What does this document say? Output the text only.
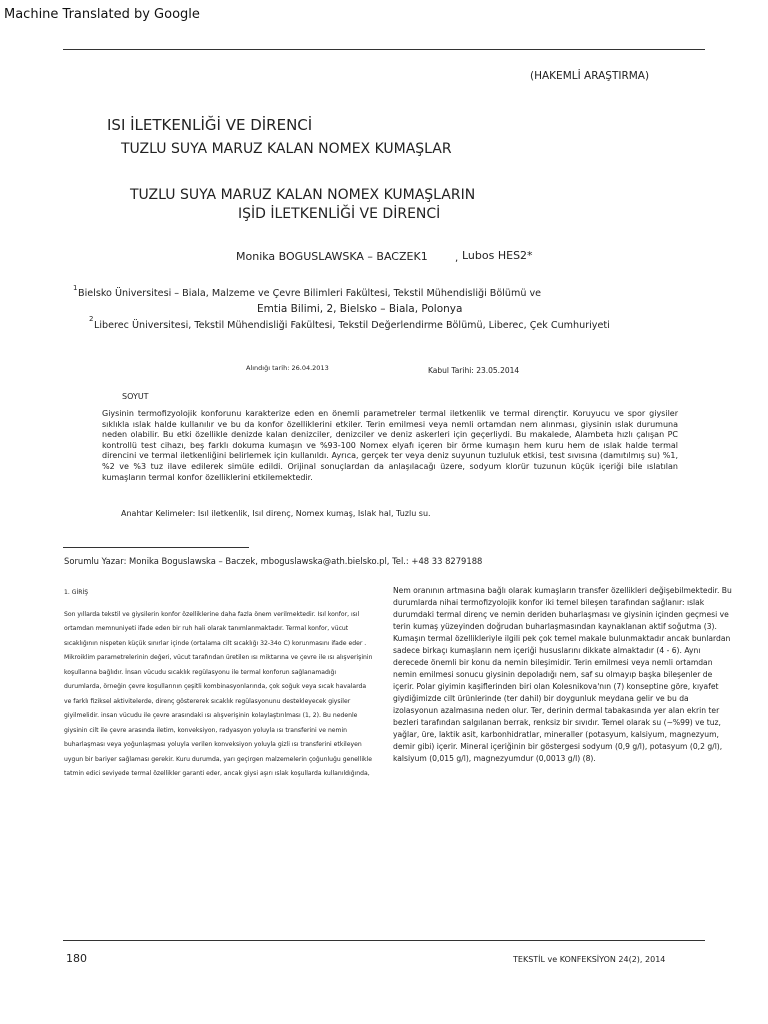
Machine Translated by Google
(HAKEMLİ ARAŞTIRMA)
ISI İLETKENLİĞİ VE DİRENCİ
TUZLU SUYA MARUZ KALAN NOMEX KUMAŞLAR
TUZLU SUYA MARUZ KALAN NOMEX KUMAŞLARIN
IŞİD İLETKENLİĞİ VE DİRENCİ
Monika BOGUSLAWSKA – BACZEK1	, Lubos HES2*
1 Bielsko Üniversitesi – Biala, Malzeme ve Çevre Bilimleri Fakültesi, Tekstil Mühendisliği Bölümü ve
Emtia Bilimi, 2, Bielsko – Biala, Polonya
2
Liberec Üniversitesi, Tekstil Mühendisliği Fakültesi, Tekstil Değerlendirme Bölümü, Liberec, Çek Cumhuriyeti
Alındığı tarih: 26.04.2013	Kabul Tarihi: 23.05.2014
SOYUT
Giysinin termofizyolojik konforunu karakterize eden en önemli parametreler termal iletkenlik ve termal dirençtir. Koruyucu ve spor giysiler sıklıkla ıslak halde kullanılır ve bu da konfor özelliklerini etkiler. Terin emilmesi veya nemli ortamdan nem alınması, giysinin ıslak durumuna neden olabilir. Bu etki özellikle denizde kalan denizciler, denizciler ve deniz askerleri için geçerliydi. Bu makalede, Alambeta hızlı çalışan PC kontrollü test cihazı, beş farklı dokuma kumaşın ve %93-100 Nomex elyafı içeren bir örme kumaşın hem kuru hem de ıslak halde termal direncini ve termal iletkenliğini belirlemek için kullanıldı. Ayrıca, gerçek ter veya deniz suyunun tuzluluk etkisi, test sıvısına (damıtılmış su) %1, %2 ve %3 tuz ilave edilerek simüle edildi. Orijinal sonuçlardan da anlaşılacağı üzere, sodyum klorür tuzunun küçük içeriği bile ıslatılan kumaşların termal konfor özelliklerini etkilemektedir.
Anahtar Kelimeler: Isıl iletkenlik, Isıl direnç, Nomex kumaş, Islak hal, Tuzlu su.
Sorumlu Yazar: Monika Boguslawska – Baczek, mboguslawska@ath.bielsko.pl, Tel.: +48 33 8279188

1. GİRİŞ

Son yıllarda tekstil ve giysilerin konfor özelliklerine daha fazla önem verilmektedir. Isıl konfor, ısıl ortamdan memnuniyeti ifade eden bir ruh hali olarak tanımlanmaktadır. Termal konfor, vücut sıcaklığının nispeten küçük sınırlar içinde (ortalama cilt sıcaklığı 32-34o C) korunmasını ifade eder . Mikroiklim parametrelerinin değeri, vücut tarafından üretilen ısı miktarına ve çevre ile ısı alışverişinin koşullarına bağlıdır. İnsan vücudu sıcaklık regülasyonu ile termal konforun sağlanamadığı durumlarda, örneğin çevre koşullarının çeşitli kombinasyonlarında, çok soğuk veya sıcak havalarda ve farklı fiziksel aktivitelerde, direnç göstererek sıcaklık regülasyonunu destekleyecek giysiler giyilmelidir. insan vücudu ile çevre arasındaki ısı alışverişinin kolaylaştırılması (1, 2). Bu nedenle giysinin cilt ile çevre arasında iletim, konveksiyon, radyasyon yoluyla ısı transferini ve nemin buharlaşması veya yoğunlaşması yoluyla verilen konveksiyon yoluyla gizli ısı transferini etkileyen uygun bir bariyer sağlaması gerekir. Kuru durumda, yarı geçirgen malzemelerin çoğunluğu genellikle tatmin edici seviyede termal özellikler garanti eder, ancak giysi aşırı ıslak koşullarda kullanıldığında,

Nem oranının artmasına bağlı olarak kumaşların transfer özellikleri değişebilmektedir. Bu durumlarda nihai termofizyolojik konfor iki temel bileşen tarafından sağlanır: ıslak durumdaki termal direnç ve nemin deriden buharlaşması ve giysinin içinden geçmesi ve terin kumaş yüzeyinden doğrudan buharlaşmasından kaynaklanan aktif soğutma (3). Kumaşın termal özellikleriyle ilgili pek çok temel makale bulunmaktadır ancak bunlardan sadece birkaçı kumaşların nem içeriği hususlarını dikkate almaktadır (4 - 6). Aynı derecede önemli bir konu da nemin bileşimidir. Terin emilmesi veya nemli ortamdan nemin emilmesi sonucu giysinin depoladığı nem, saf su olmayıp başka bileşenler de içerir. Polar giyimin kaşiflerinden biri olan Kolesnikova'nın (7) konseptine göre, kıyafet giydiğimizde cilt ürünlerinde (ter dahil) bir doygunluk meydana gelir ve bu da izolasyonun azalmasına neden olur. Ter, derinin dermal tabakasında yer alan ekrin ter bezleri tarafından salgılanan berrak, renksiz bir sıvıdır. Temel olarak su (~%99) ve tuz, yağlar, üre, laktik asit, karbonhidratlar, mineraller (potasyum, kalsiyum, magnezyum, demir gibi) içerir. Mineral içeriğinin bir göstergesi sodyum (0,9 g/l), potasyum (0,2 g/l), kalsiyum (0,015 g/l), magnezyumdur (0,0013 g/l) (8).

180	TEKSTİL ve KONFEKSİYON 24(2), 2014
